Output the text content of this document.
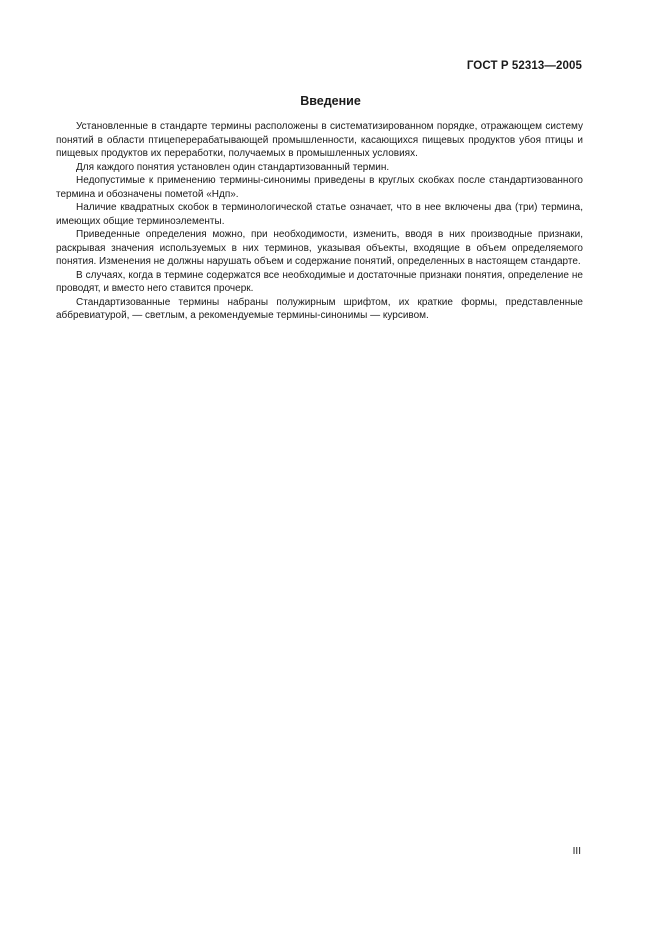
ГОСТ Р 52313—2005
Введение

Установленные в стандарте термины расположены в систематизированном порядке, отражающем систему понятий в области птицеперерабатывающей промышленности, касающихся пищевых продуктов убоя птицы и пищевых продуктов их переработки, получаемых в промышленных условиях.

Для каждого понятия установлен один стандартизованный термин.

Недопустимые к применению термины-синонимы приведены в круглых скобках после стандартизованного термина и обозначены пометой «Ндп».

Наличие квадратных скобок в терминологической статье означает, что в нее включены два (три) термина, имеющих общие терминоэлементы.

Приведенные определения можно, при необходимости, изменить, вводя в них производные признаки, раскрывая значения используемых в них терминов, указывая объекты, входящие в объем определяемого понятия. Изменения не должны нарушать объем и содержание понятий, определенных в настоящем стандарте.

В случаях, когда в термине содержатся все необходимые и достаточные признаки понятия, определение не проводят, и вместо него ставится прочерк.

Стандартизованные термины набраны полужирным шрифтом, их краткие формы, представленные аббревиатурой, — светлым, а рекомендуемые термины-синонимы — курсивом.

III
